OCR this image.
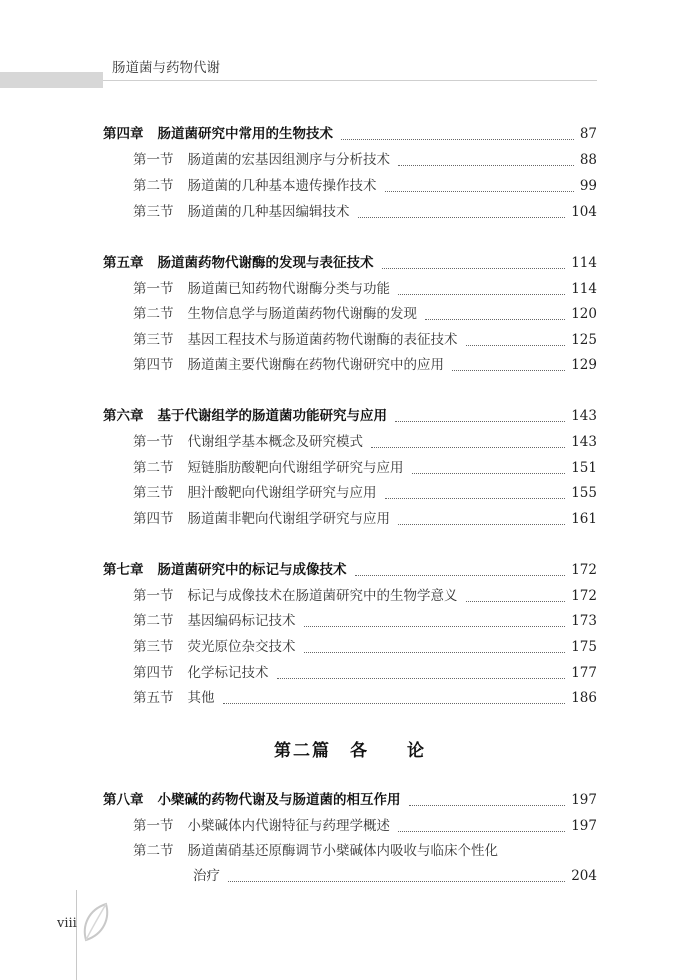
肠道菌与药物代谢
第四章 肠道菌研究中常用的生物技术	87
第一节 肠道菌的宏基因组测序与分析技术	88
第二节 肠道菌的几种基本遗传操作技术	99
第三节 肠道菌的几种基因编辑技术	104
第五章 肠道菌药物代谢酶的发现与表征技术	114
第一节 肠道菌已知药物代谢酶分类与功能	114
第二节 生物信息学与肠道菌药物代谢酶的发现	120
第三节 基因工程技术与肠道菌药物代谢酶的表征技术	125
第四节 肠道菌主要代谢酶在药物代谢研究中的应用	129
第六章 基于代谢组学的肠道菌功能研究与应用	143
第一节 代谢组学基本概念及研究模式	143
第二节 短链脂肪酸靶向代谢组学研究与应用	151
第三节 胆汁酸靶向代谢组学研究与应用	155
第四节 肠道菌非靶向代谢组学研究与应用	161
第七章 肠道菌研究中的标记与成像技术	172
第一节 标记与成像技术在肠道菌研究中的生物学意义	172
第二节 基因编码标记技术	173
第三节 荧光原位杂交技术	175
第四节 化学标记技术	177
第五节 其他	186
第二篇　各　　论
第八章 小檗碱的药物代谢及与肠道菌的相互作用	197
第一节 小檗碱体内代谢特征与药理学概述	197
第二节 肠道菌硝基还原酶调节小檗碱体内吸收与临床个性化
治疗	204
viii
